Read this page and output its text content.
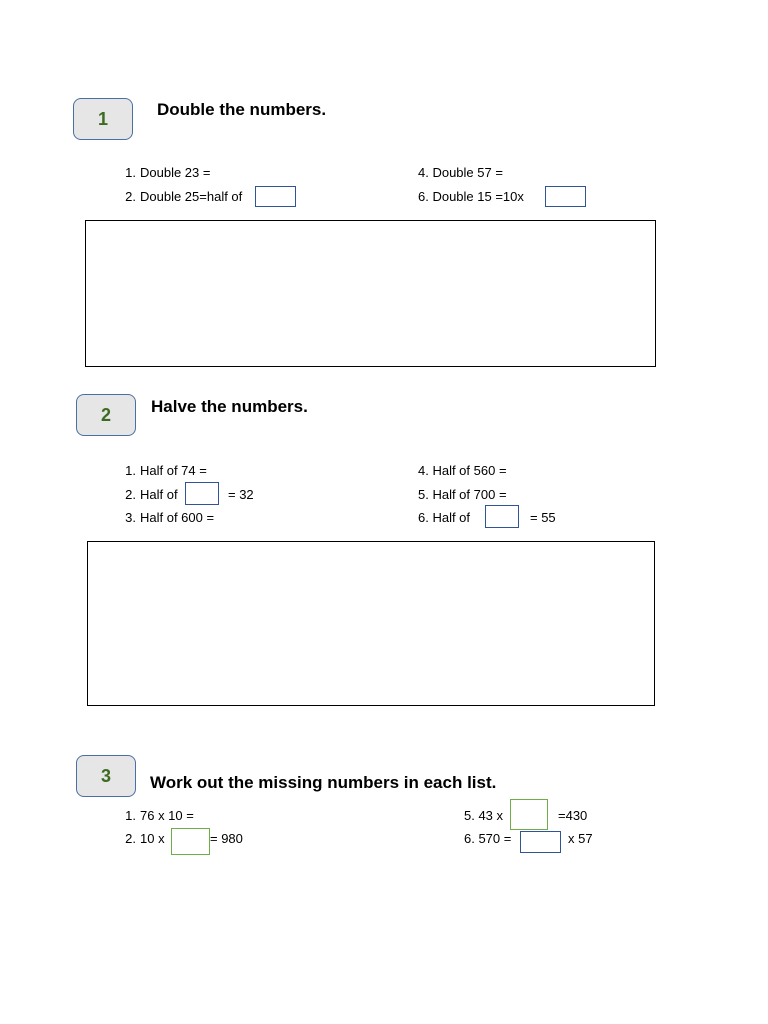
1	Double the numbers.
1. Double 23 =
2. Double 25=half of
4. Double 57 =
6. Double 15 =10x
2	Halve the numbers.
1. Half of 74 =
2. Half of	= 32
3. Half of 600 =
4. Half of 560 =
5. Half of 700 =
6. Half of	= 55
3	Work out the missing numbers in each list.
1. 76 x 10 =
2. 10 x	= 980
5. 43 x	=430
6. 570 =	x 57
